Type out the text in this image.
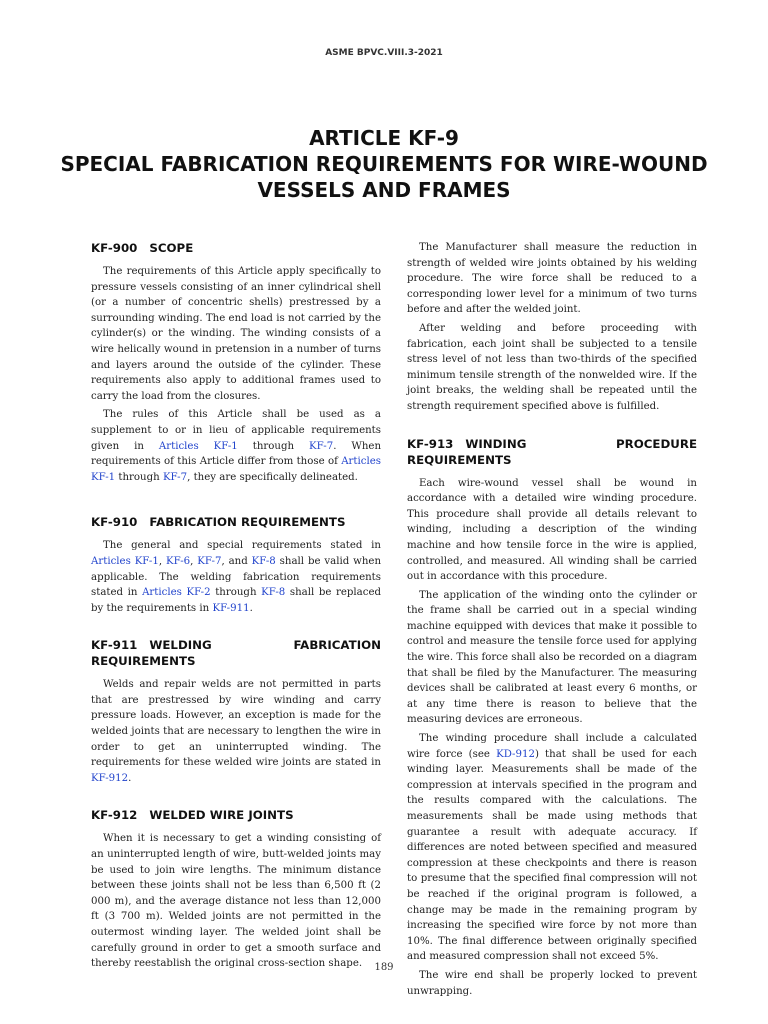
ASME BPVC.VIII.3-2021
ARTICLE KF-9
SPECIAL FABRICATION REQUIREMENTS FOR WIRE-WOUND
VESSELS AND FRAMES
KF-900 SCOPE

The requirements of this Article apply specifically to pressure vessels consisting of an inner cylindrical shell (or a number of concentric shells) prestressed by a surrounding winding. The end load is not carried by the cylinder(s) or the winding. The winding consists of a wire helically wound in pretension in a number of turns and layers around the outside of the cylinder. These requirements also apply to additional frames used to carry the load from the closures.

The rules of this Article shall be used as a supplement to or in lieu of applicable requirements given in Articles KF-1 through KF-7. When requirements of this Article differ from those of Articles KF-1 through KF-7, they are specifically delineated.

KF-910 FABRICATION REQUIREMENTS

The general and special requirements stated in Articles KF-1, KF-6, KF-7, and KF-8 shall be valid when applicable. The welding fabrication requirements stated in Articles KF-2 through KF-8 shall be replaced by the requirements in KF-911.

KF-911 WELDING FABRICATION REQUIREMENTS

Welds and repair welds are not permitted in parts that are prestressed by wire winding and carry pressure loads. However, an exception is made for the welded joints that are necessary to lengthen the wire in order to get an uninterrupted winding. The requirements for these welded wire joints are stated in KF-912.

KF-912 WELDED WIRE JOINTS

When it is necessary to get a winding consisting of an uninterrupted length of wire, butt-welded joints may be used to join wire lengths. The minimum distance between these joints shall not be less than 6,500 ft (2 000 m), and the average distance not less than 12,000 ft (3 700 m). Welded joints are not permitted in the outermost winding layer. The welded joint shall be carefully ground in order to get a smooth surface and thereby reestablish the original cross-section shape.

The Manufacturer shall measure the reduction in strength of welded wire joints obtained by his welding procedure. The wire force shall be reduced to a corresponding lower level for a minimum of two turns before and after the welded joint.

After welding and before proceeding with fabrication, each joint shall be subjected to a tensile stress level of not less than two-thirds of the specified minimum tensile strength of the nonwelded wire. If the joint breaks, the welding shall be repeated until the strength requirement specified above is fulfilled.

KF-913 WINDING PROCEDURE REQUIREMENTS

Each wire-wound vessel shall be wound in accordance with a detailed wire winding procedure. This procedure shall provide all details relevant to winding, including a description of the winding machine and how tensile force in the wire is applied, controlled, and measured. All winding shall be carried out in accordance with this procedure.

The application of the winding onto the cylinder or the frame shall be carried out in a special winding machine equipped with devices that make it possible to control and measure the tensile force used for applying the wire. This force shall also be recorded on a diagram that shall be filed by the Manufacturer. The measuring devices shall be calibrated at least every 6 months, or at any time there is reason to believe that the measuring devices are erroneous.

The winding procedure shall include a calculated wire force (see KD-912) that shall be used for each winding layer. Measurements shall be made of the compression at intervals specified in the program and the results compared with the calculations. The measurements shall be made using methods that guarantee a result with adequate accuracy. If differences are noted between specified and measured compression at these checkpoints and there is reason to presume that the specified final compression will not be reached if the original program is followed, a change may be made in the remaining program by increasing the specified wire force by not more than 10%. The final difference between originally specified and measured compression shall not exceed 5%.

The wire end shall be properly locked to prevent unwrapping.

189
